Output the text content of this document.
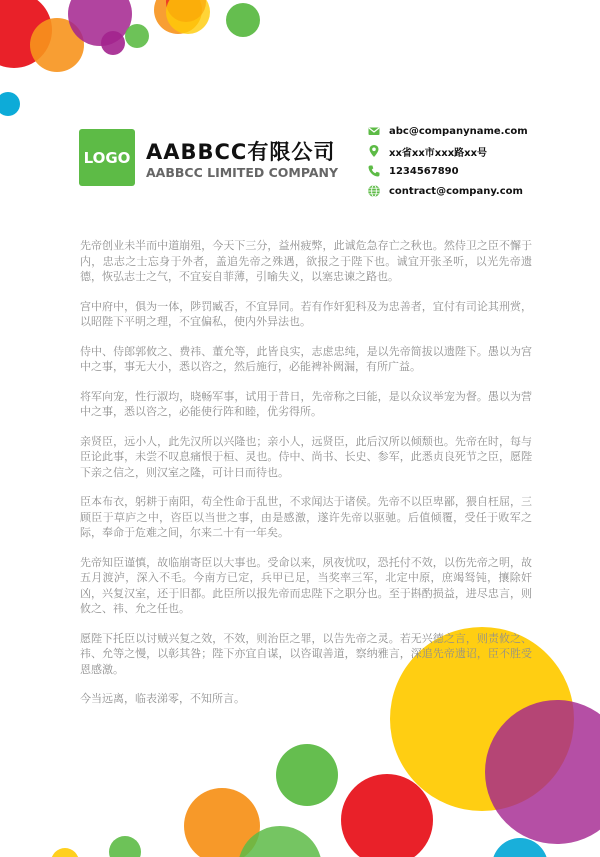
LOGO AABBCC有限公司
AABBCC LIMITED COMPANY
abc@companyname.com
xx省xx市xxx路xx号
1234567890
contract@company.com

先帝创业未半而中道崩殂，今天下三分，益州疲弊，此诚危急存亡之秋也。然侍卫之臣不懈于内，忠志之士忘身于外者，盖追先帝之殊遇，欲报之于陛下也。诚宜开张圣听，以光先帝遗德，恢弘志士之气，不宜妄自菲薄，引喻失义，以塞忠谏之路也。

宫中府中，俱为一体，陟罚臧否，不宜异同。若有作奸犯科及为忠善者，宜付有司论其刑赏，以昭陛下平明之理，不宜偏私，使内外异法也。

侍中、侍郎郭攸之、费祎、董允等，此皆良实，志虑忠纯，是以先帝简拔以遗陛下。愚以为宫中之事，事无大小，悉以咨之，然后施行，必能裨补阙漏，有所广益。

将军向宠，性行淑均，晓畅军事，试用于昔日，先帝称之曰能，是以众议举宠为督。愚以为营中之事，悉以咨之，必能使行阵和睦，优劣得所。

亲贤臣，远小人，此先汉所以兴隆也；亲小人，远贤臣，此后汉所以倾颓也。先帝在时，每与臣论此事，未尝不叹息痛恨于桓、灵也。侍中、尚书、长史、参军，此悉贞良死节之臣，愿陛下亲之信之，则汉室之隆，可计日而待也。

臣本布衣，躬耕于南阳，苟全性命于乱世，不求闻达于诸侯。先帝不以臣卑鄙，猥自枉屈，三顾臣于草庐之中，咨臣以当世之事，由是感激，遂许先帝以驱驰。后值倾覆，受任于败军之际，奉命于危难之间，尔来二十有一年矣。

先帝知臣谨慎，故临崩寄臣以大事也。受命以来，夙夜忧叹，恐托付不效，以伤先帝之明，故五月渡泸，深入不毛。今南方已定，兵甲已足，当奖率三军，北定中原，庶竭驽钝，攘除奸凶，兴复汉室，还于旧都。此臣所以报先帝而忠陛下之职分也。至于斟酌损益，进尽忠言，则攸之、祎、允之任也。

愿陛下托臣以讨贼兴复之效，不效，则治臣之罪，以告先帝之灵。若无兴德之言，则责攸之、祎、允等之慢，以彰其咎；陛下亦宜自谋，以咨诹善道，察纳雅言，深追先帝遗诏，臣不胜受恩感激。

今当远离，临表涕零，不知所言。
